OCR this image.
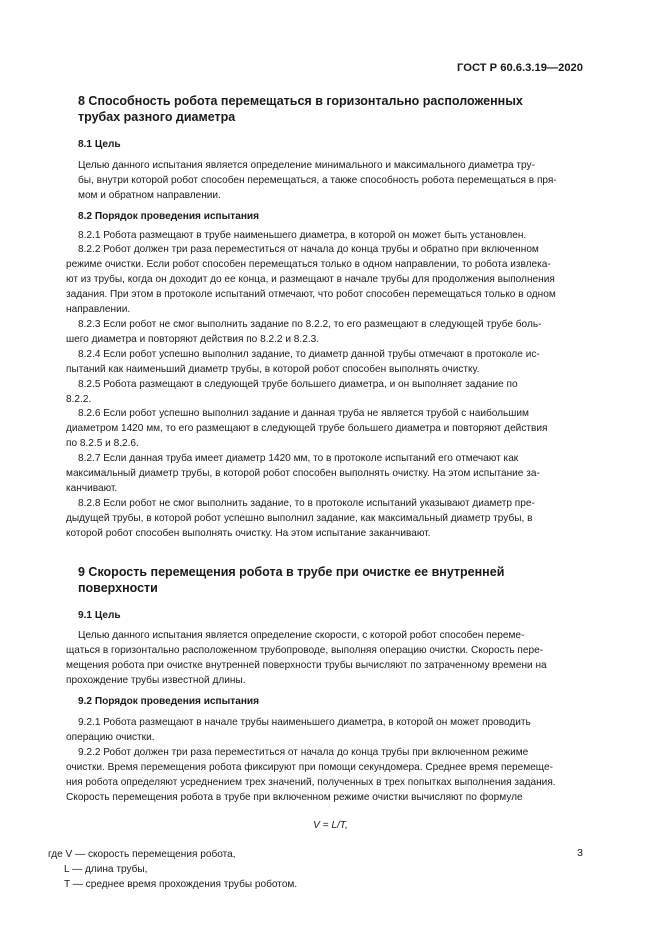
ГОСТ Р 60.6.3.19—2020
8 Способность робота перемещаться в горизонтально расположенных
трубах разного диаметра
8.1 Цель
Целью данного испытания является определение минимального и максимального диаметра тру-
бы, внутри которой робот способен перемещаться, а также способность робота перемещаться в пря-
мом и обратном направлении.
8.2 Порядок проведения испытания
8.2.1 Робота размещают в трубе наименьшего диаметра, в которой он может быть установлен.
8.2.2 Робот должен три раза переместиться от начала до конца трубы и обратно при включенном
режиме очистки. Если робот способен перемещаться только в одном направлении, то робота извлека-
ют из трубы, когда он доходит до ее конца, и размещают в начале трубы для продолжения выполнения
задания. При этом в протоколе испытаний отмечают, что робот способен перемещаться только в одном
направлении.
8.2.3 Если робот не смог выполнить задание по 8.2.2, то его размещают в следующей трубе боль-
шего диаметра и повторяют действия по 8.2.2 и 8.2.3.
8.2.4 Если робот успешно выполнил задание, то диаметр данной трубы отмечают в протоколе ис-
пытаний как наименьший диаметр трубы, в которой робот способен выполнять очистку.
8.2.5 Робота размещают в следующей трубе большего диаметра, и он выполняет задание по
8.2.2.
8.2.6 Если робот успешно выполнил задание и данная труба не является трубой с наибольшим
диаметром 1420 мм, то его размещают в следующей трубе большего диаметра и повторяют действия
по 8.2.5 и 8.2.6.
8.2.7 Если данная труба имеет диаметр 1420 мм, то в протоколе испытаний его отмечают как
максимальный диаметр трубы, в которой робот способен выполнять очистку. На этом испытание за-
канчивают.
8.2.8 Если робот не смог выполнить задание, то в протоколе испытаний указывают диаметр пре-
дыдущей трубы, в которой робот успешно выполнил задание, как максимальный диаметр трубы, в
которой робот способен выполнять очистку. На этом испытание заканчивают.
9 Скорость перемещения робота в трубе при очистке ее внутренней
поверхности
9.1 Цель
Целью данного испытания является определение скорости, с которой робот способен переме-
щаться в горизонтально расположенном трубопроводе, выполняя операцию очистки. Скорость пере-
мещения робота при очистке внутренней поверхности трубы вычисляют по затраченному времени на
прохождение трубы известной длины.
9.2 Порядок проведения испытания
9.2.1 Робота размещают в начале трубы наименьшего диаметра, в которой он может проводить
операцию очистки.
9.2.2 Робот должен три раза переместиться от начала до конца трубы при включенном режиме
очистки. Время перемещения робота фиксируют при помощи секундомера. Среднее время перемеще-
ния робота определяют усреднением трех значений, полученных в трех попытках выполнения задания.
Скорость перемещения робота в трубе при включенном режиме очистки вычисляют по формуле
V = L/T,
где V — скорость перемещения робота,
L — длина трубы,
T — среднее время прохождения трубы роботом.
3
